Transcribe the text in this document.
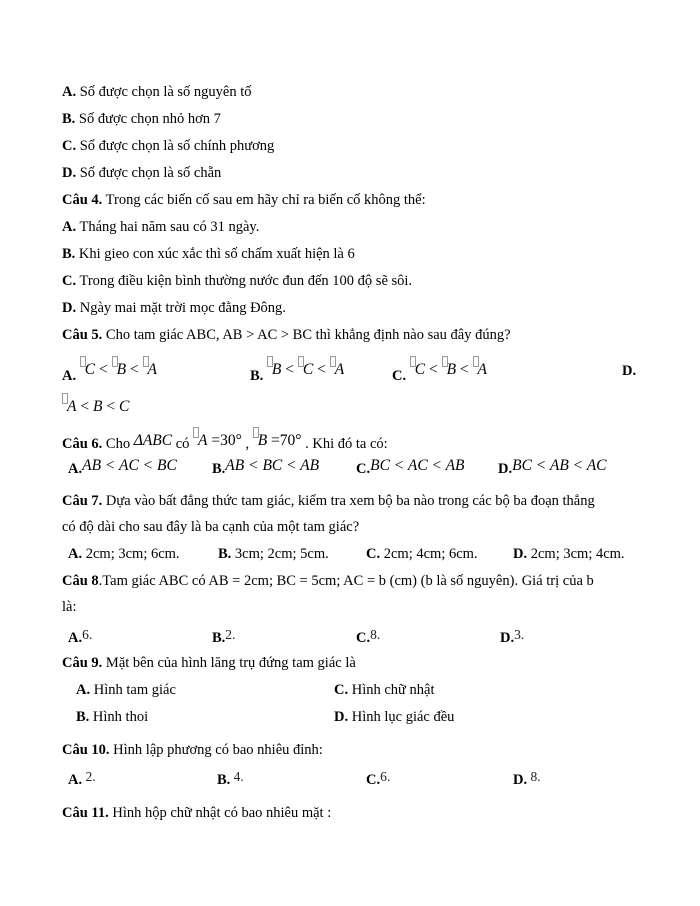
A. Số được chọn là số nguyên tố
B. Số được chọn nhỏ hơn 7
C. Số được chọn là số chính phương
D. Số được chọn là số chẵn
Câu 4. Trong các biến cố sau em hãy chỉ ra biến cố không thể:
A. Tháng hai năm sau có 31 ngày.
B. Khi gieo con xúc xắc thì số chấm xuất hiện là 6
C. Trong điều kiện bình thường nước đun đến 100 độ sẽ sôi.
D. Ngày mai mặt trời mọc đằng Đông.
Câu 5. Cho tam giác ABC, AB > AC > BC thì khẳng định nào sau đây đúng?
A. C < B < A	B. B < C < A	C. C < B < A	D.
A < B < C
Câu 6. Cho ΔABC có A =30° , B =70° . Khi đó ta có:
A.AB < AC < BC B.AB < BC < AB	C.BC < AC < AB D.BC < AB < AC
Câu 7. Dựa vào bất đẳng thức tam giác, kiểm tra xem bộ ba nào trong các bộ ba đoạn thẳng
có độ dài cho sau đây là ba cạnh của một tam giác?
A. 2cm; 3cm; 6cm.	B. 3cm; 2cm; 5cm.	C. 2cm; 4cm; 6cm. D. 2cm; 3cm; 4cm.
Câu 8.Tam giác ABC có AB = 2cm; BC = 5cm; AC = b (cm) (b là số nguyên). Giá trị của b
là:
A.6.	B.2.	C.8.	D.3.
Câu 9. Mặt bên của hình lăng trụ đứng tam giác là
A. Hình tam giác	C. Hình chữ nhật
B. Hình thoi	D. Hình lục giác đều
Câu 10. Hình lập phương có bao nhiêu đỉnh:
A. 2.	B. 4.	C.6.	D. 8.
Câu 11. Hình hộp chữ nhật có bao nhiêu mặt :
